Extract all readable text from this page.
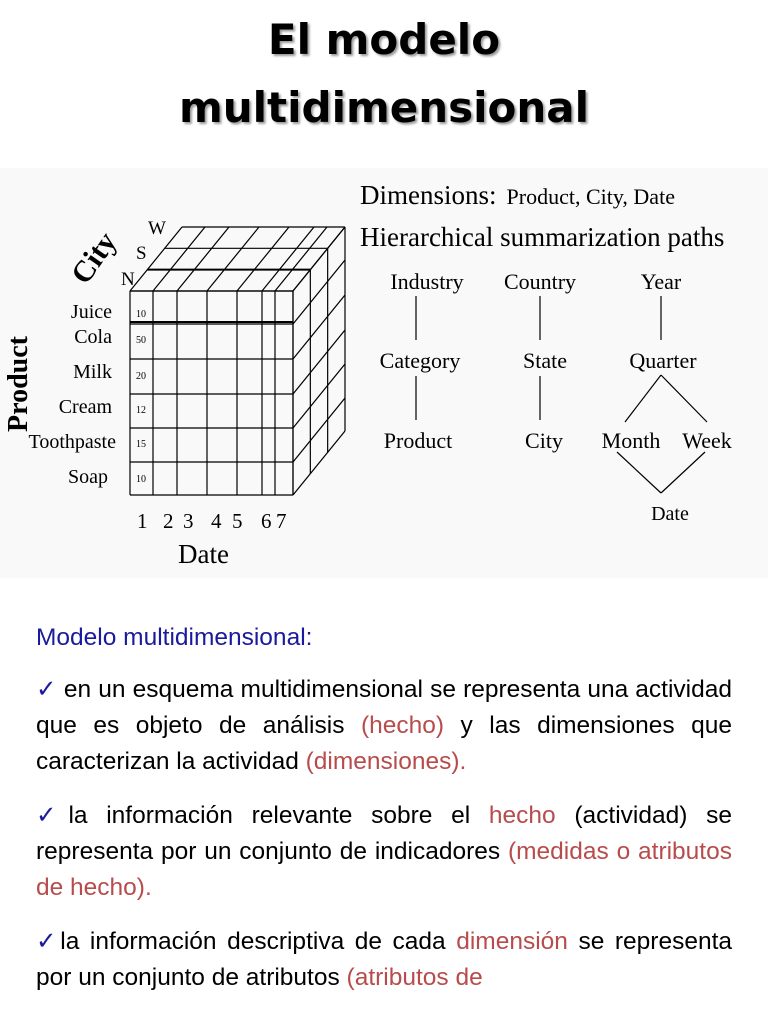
El modelo
multidimensional
City W
S
N
Product
Juice
Cola
Milk
Cream
Toothpaste
Soap
10
50
20
12
15
10
1 2 3 4 5 6 7
Date
Dimensions: Product, City, Date
Hierarchical summarization paths
Industry
Category
Product
Country
State
City
Year
Quarter
Month Week
Date
Modelo multidimensional:
✓ en un esquema multidimensional se representa una actividad que es objeto de análisis (hecho) y las dimensiones que caracterizan la actividad (dimensiones).
✓la información relevante sobre el hecho (actividad) se representa por un conjunto de indicadores (medidas o atributos de hecho).
✓la información descriptiva de cada dimensión se representa por un conjunto de atributos (atributos de
